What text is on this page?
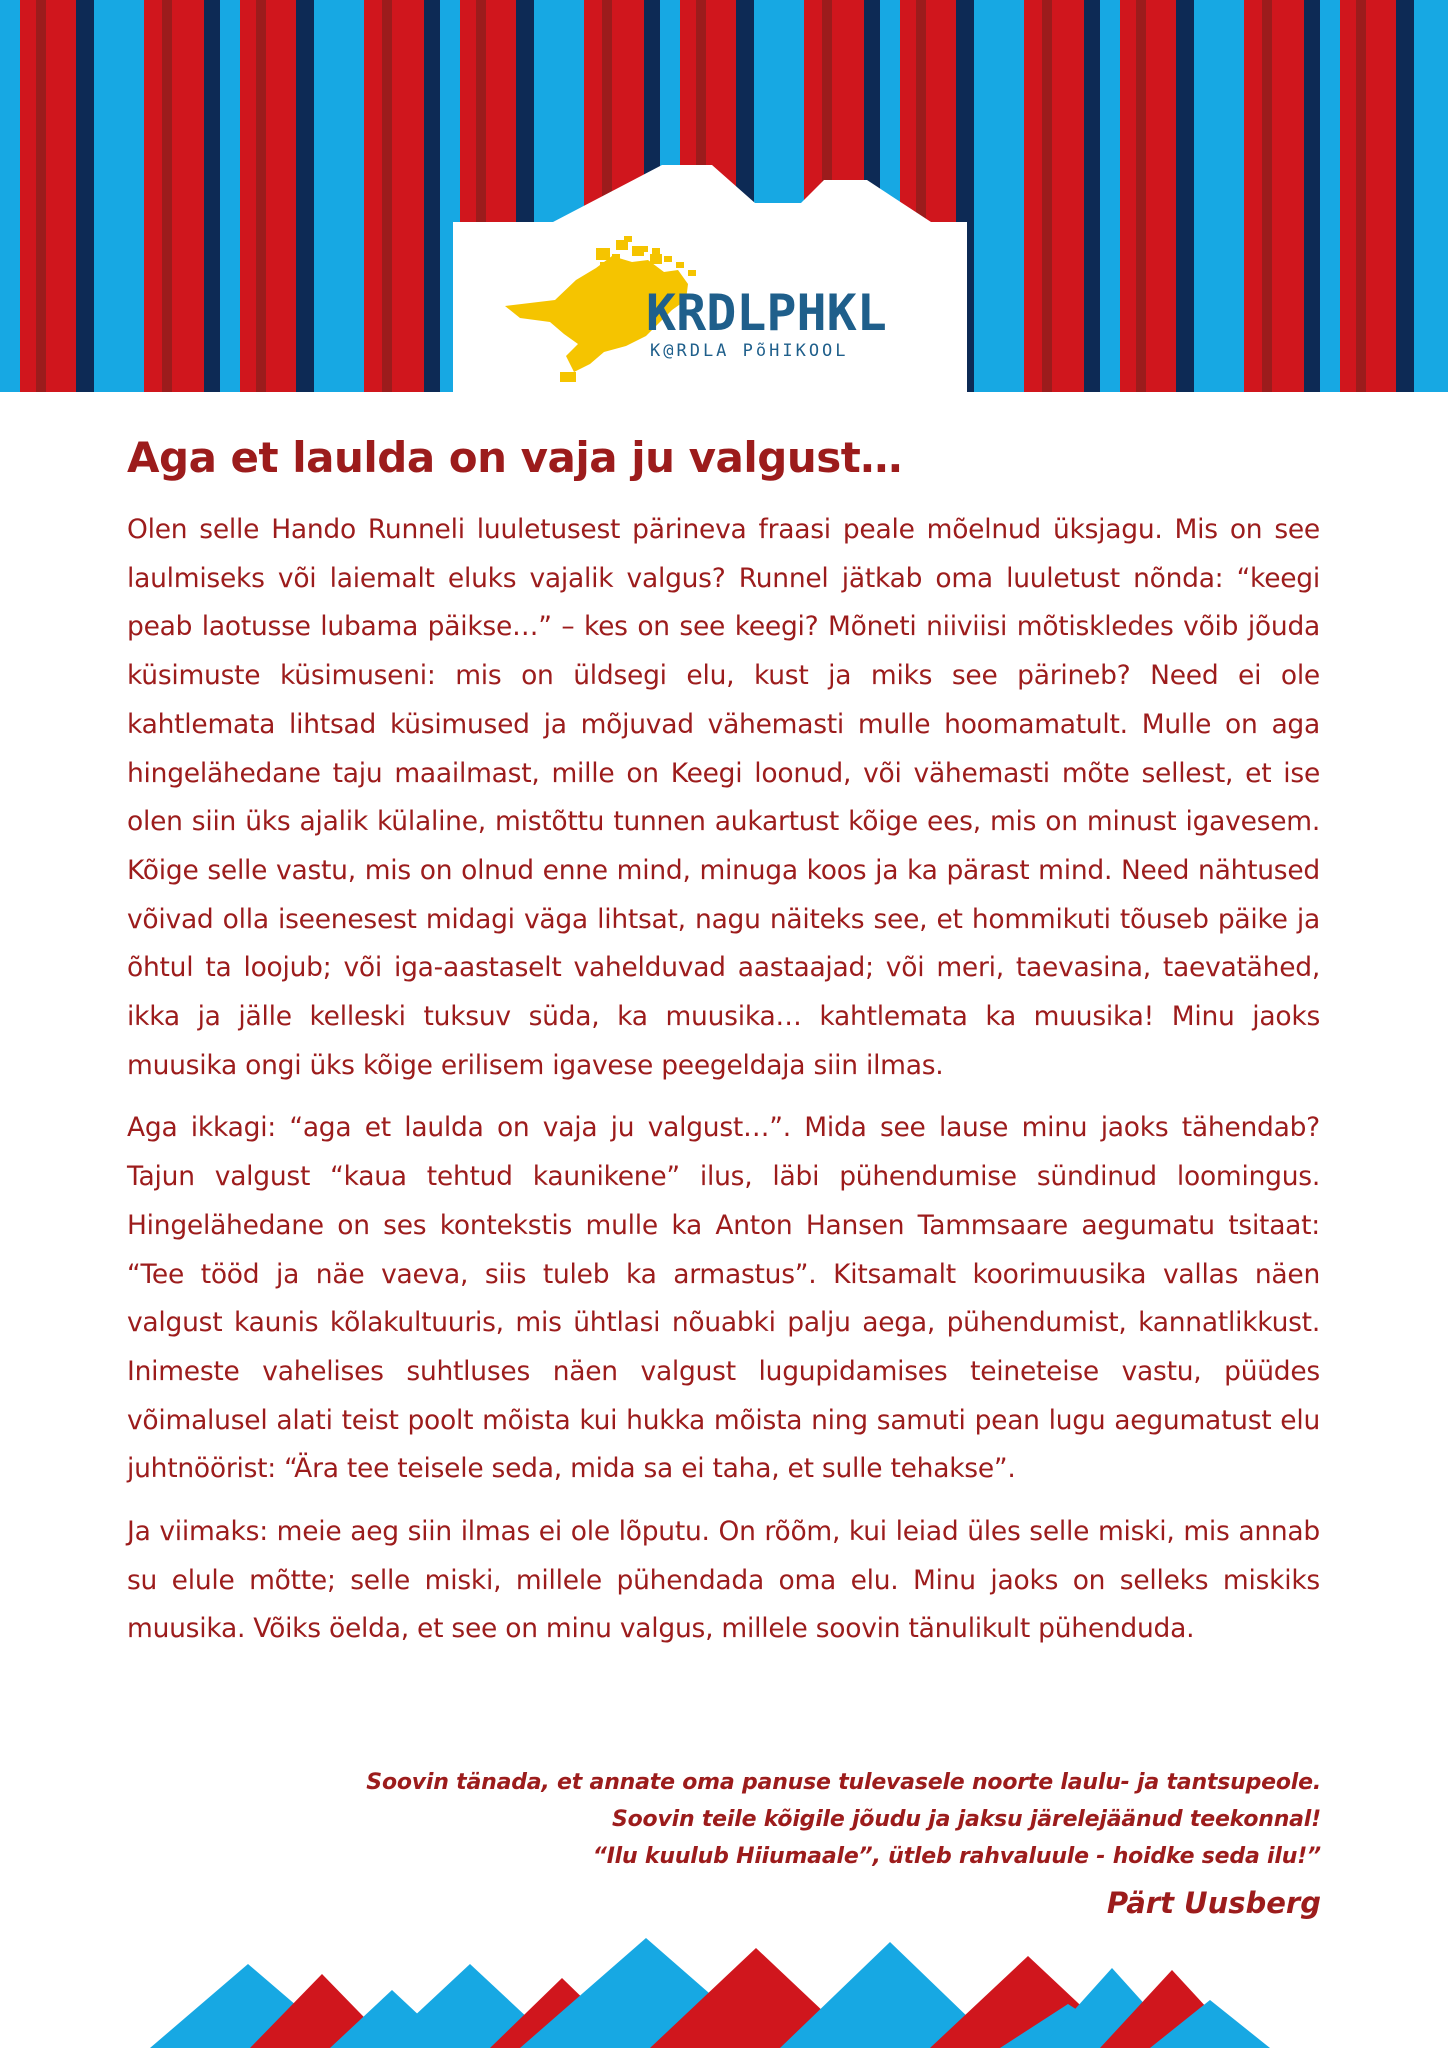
KRDLPHKL
K@RDLA PõHIKOOL
Aga et laulda on vaja ju valgust…

Olen selle Hando Runneli luuletusest pärineva fraasi peale mõelnud üksjagu. Mis on see laulmiseks või laiemalt eluks vajalik valgus? Runnel jätkab oma luuletust nõnda: “keegi peab laotusse lubama päikse…” – kes on see keegi? Mõneti niiviisi mõtiskledes võib jõuda küsimuste küsimuseni: mis on üldsegi elu, kust ja miks see pärineb? Need ei ole kahtlemata lihtsad küsimused ja mõjuvad vähemasti mulle hoomamatult. Mulle on aga hingelähedane taju maailmast, mille on Keegi loonud, või vähemasti mõte sellest, et ise olen siin üks ajalik külaline, mistõttu tunnen aukartust kõige ees, mis on minust igavesem. Kõige selle vastu, mis on olnud enne mind, minuga koos ja ka pärast mind. Need nähtused võivad olla iseenesest midagi väga lihtsat, nagu näiteks see, et hommikuti tõuseb päike ja õhtul ta loojub; või iga-aastaselt vahelduvad aastaajad; või meri, taevasina, taevatähed, ikka ja jälle kelleski tuksuv süda, ka muusika… kahtlemata ka muusika! Minu jaoks muusika ongi üks kõige erilisem igavese peegeldaja siin ilmas.

Aga ikkagi: “aga et laulda on vaja ju valgust…”. Mida see lause minu jaoks tähendab? Tajun valgust “kaua tehtud kaunikene” ilus, läbi pühendumise sündinud loomingus. Hingelähedane on ses kontekstis mulle ka Anton Hansen Tammsaare aegumatu tsitaat: “Tee tööd ja näe vaeva, siis tuleb ka armastus”. Kitsamalt koorimuusika vallas näen valgust kaunis kõlakultuuris, mis ühtlasi nõuabki palju aega, pühendumist, kannatlikkust. Inimeste vahelises suhtluses näen valgust lugupidamises teineteise vastu, püüdes võimalusel alati teist poolt mõista kui hukka mõista ning samuti pean lugu aegumatust elu juhtnöörist: “Ära tee teisele seda, mida sa ei taha, et sulle tehakse”.

Ja viimaks: meie aeg siin ilmas ei ole lõputu. On rõõm, kui leiad üles selle miski, mis annab su elule mõtte; selle miski, millele pühendada oma elu. Minu jaoks on selleks miskiks muusika. Võiks öelda, et see on minu valgus, millele soovin tänulikult pühenduda.

Soovin tänada, et annate oma panuse tulevasele noorte laulu- ja tantsupeole.
Soovin teile kõigile jõudu ja jaksu järelejäänud teekonnal!
“Ilu kuulub Hiiumaale”, ütleb rahvaluule - hoidke seda ilu!”
Pärt Uusberg
